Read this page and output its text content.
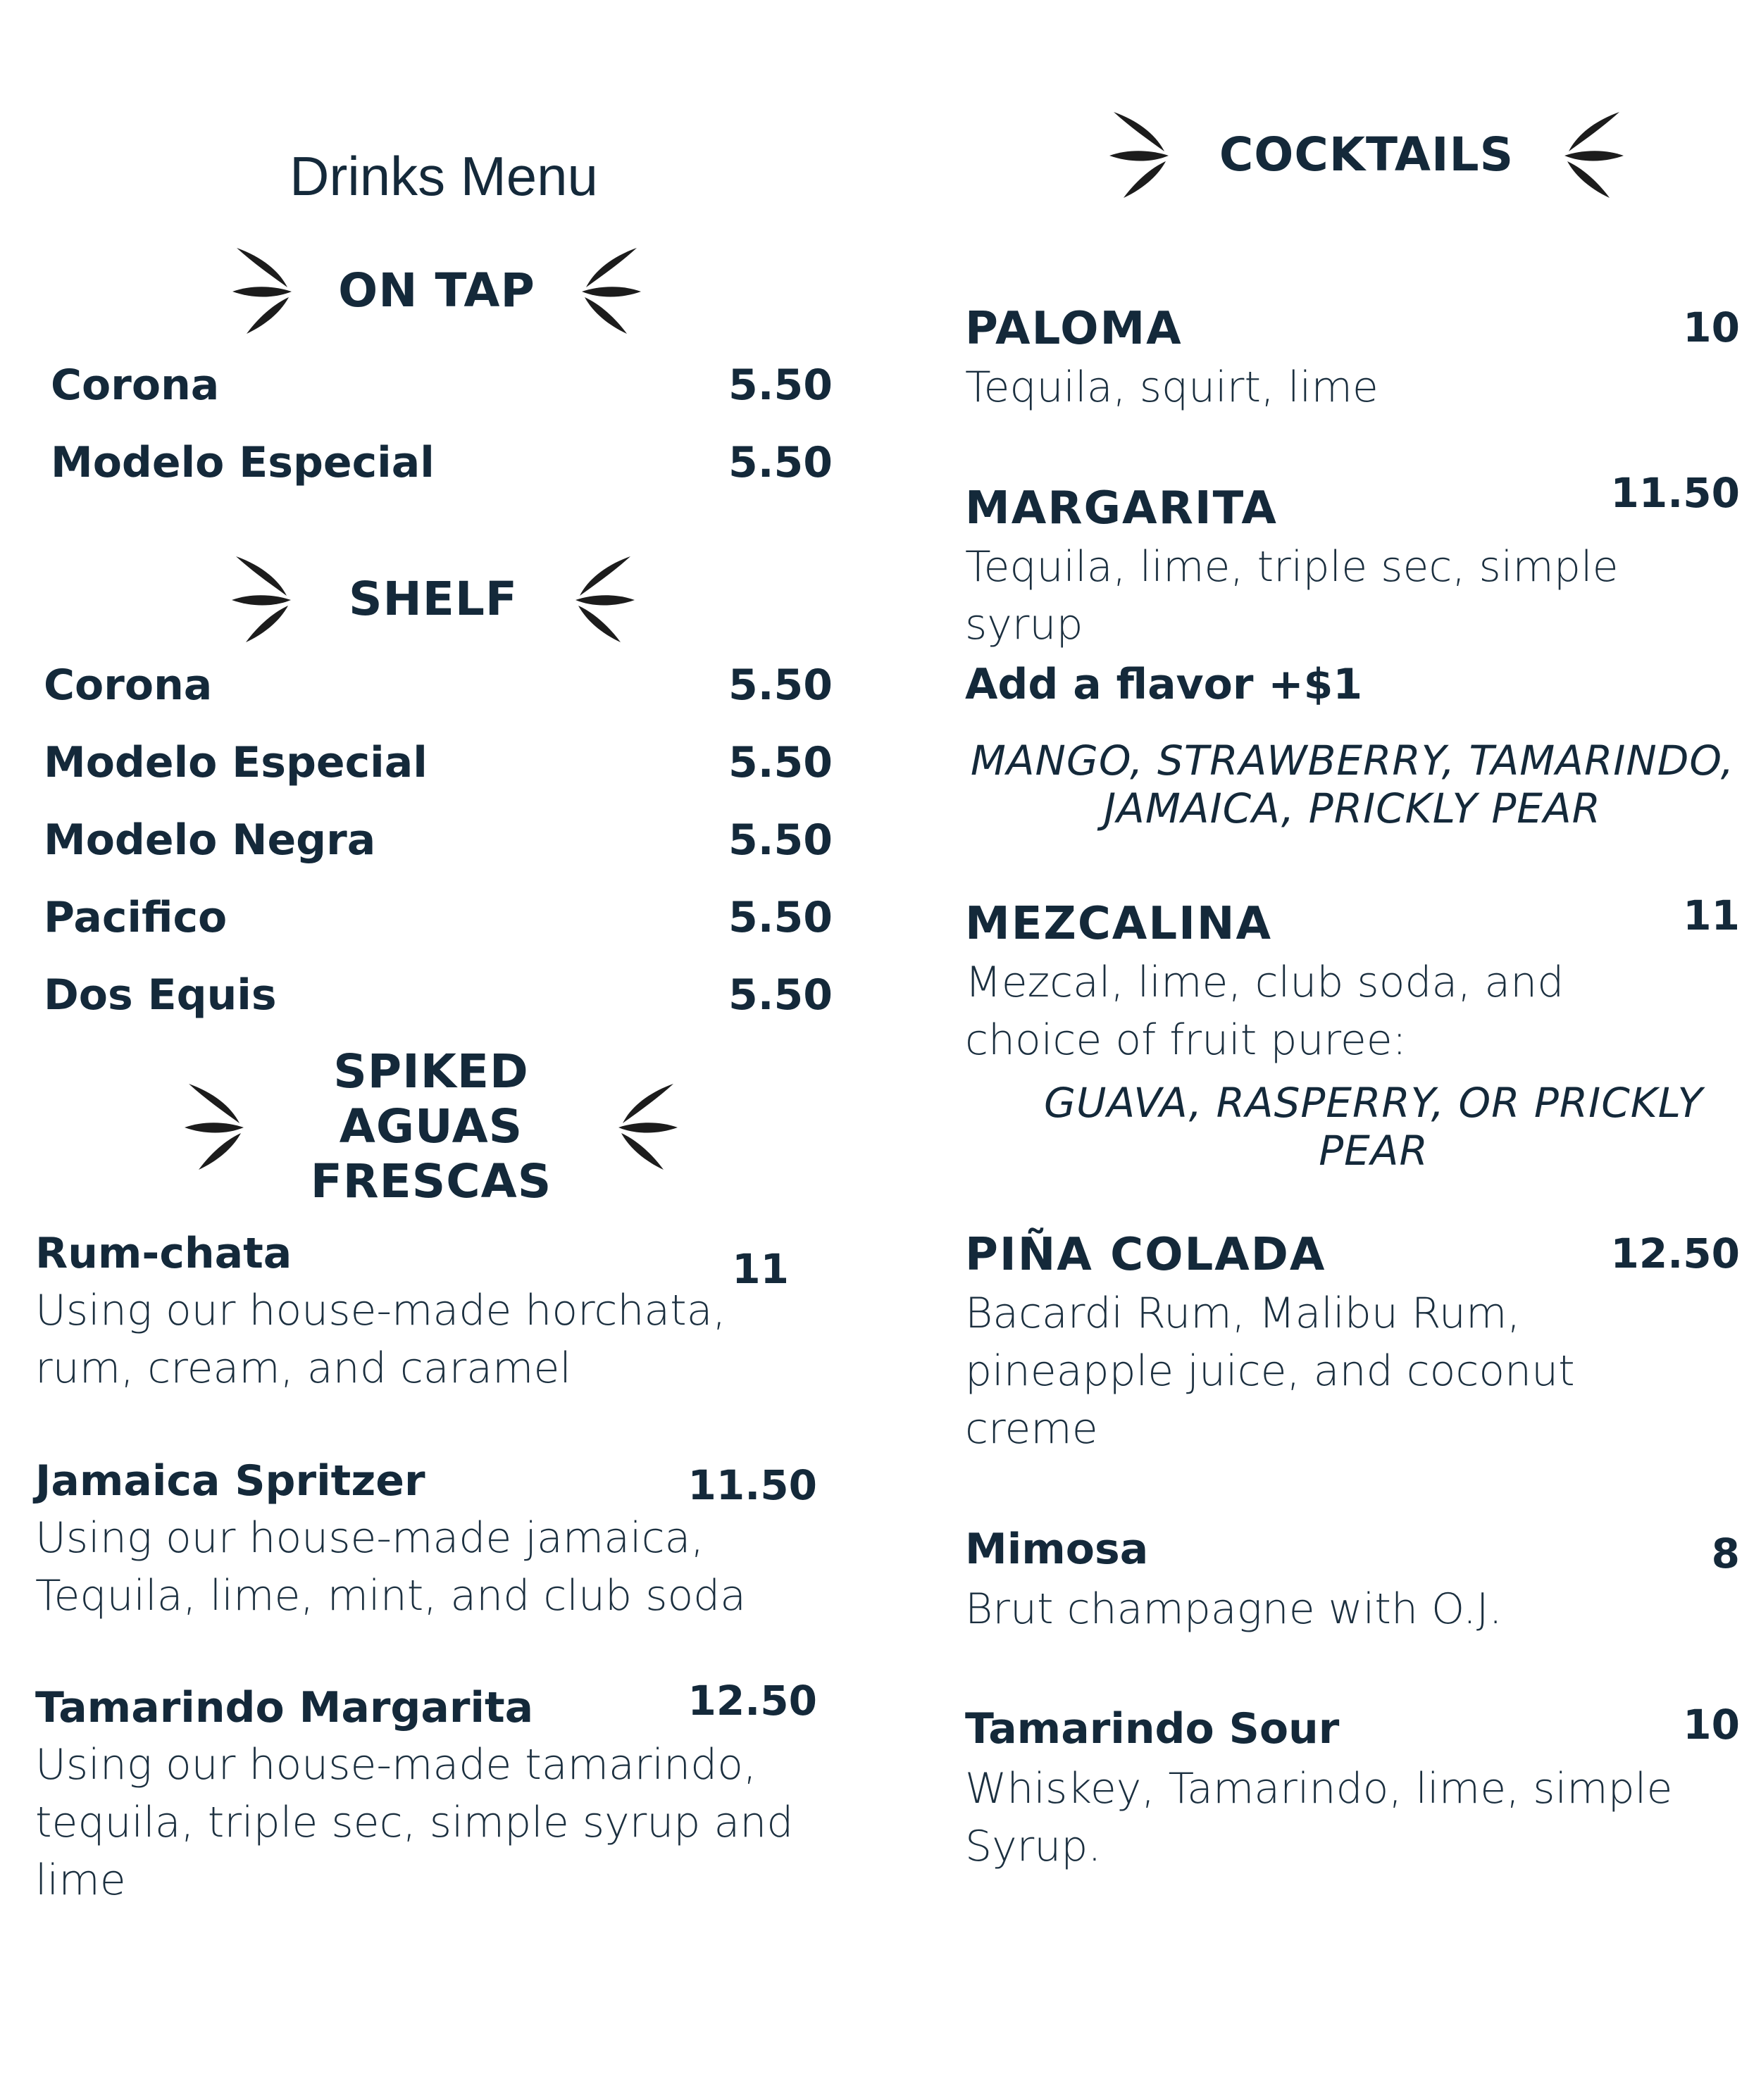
Drinks Menu
ON TAP
Corona	5.50
Modelo Especial	5.50
SHELF
Corona	5.50
Modelo Especial	5.50
Modelo Negra	5.50
Pacifico	5.50
Dos Equis	5.50
SPIKED AGUAS
FRESCAS
Rum-chata	11
Using our house-made horchata, rum, cream, and caramel
Jamaica Spritzer	11.50
Using our house-made jamaica, Tequila, lime, mint, and club soda
Tamarindo Margarita	12.50
Using our house-made tamarindo, tequila, triple sec, simple syrup and lime
COCKTAILS
PALOMA	10
Tequila, squirt, lime
MARGARITA	11.50
Tequila, lime, triple sec, simple syrup
Add a flavor +$1
MANGO, STRAWBERRY, TAMARINDO, JAMAICA, PRICKLY PEAR
MEZCALINA	11
Mezcal, lime, club soda, and choice of fruit puree:
GUAVA, RASPERRY, OR PRICKLY PEAR
PIÑA COLADA	12.50
Bacardi Rum, Malibu Rum, pineapple juice, and coconut creme
Mimosa	8
Brut champagne with O.J.
Tamarindo Sour	10
Whiskey, Tamarindo, lime, simple Syrup.
